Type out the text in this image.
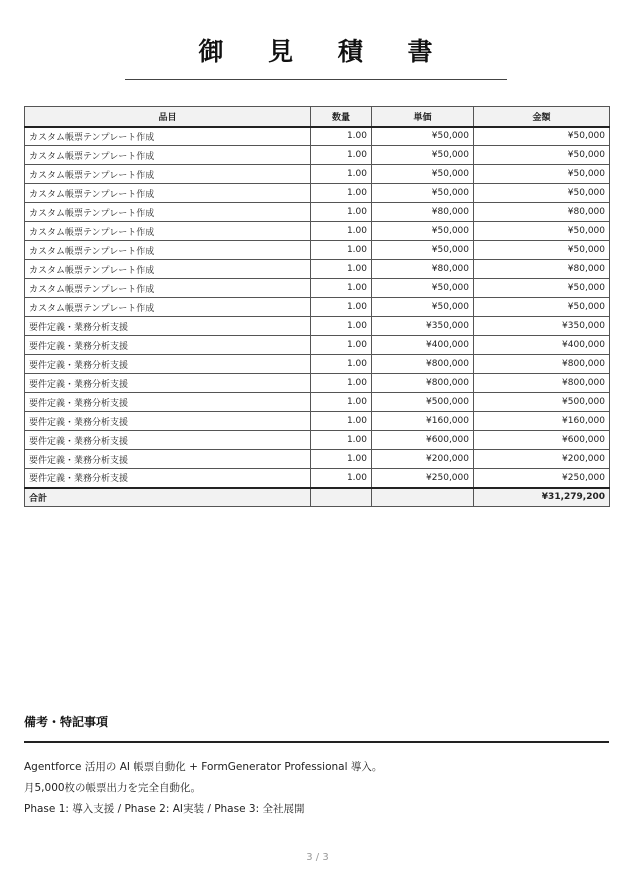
御 見 積 書
品目	数量	単価	金額
カスタム帳票テンプレート作成	1.00	¥50,000	¥50,000
カスタム帳票テンプレート作成	1.00	¥50,000	¥50,000
カスタム帳票テンプレート作成	1.00	¥50,000	¥50,000
カスタム帳票テンプレート作成	1.00	¥50,000	¥50,000
カスタム帳票テンプレート作成	1.00	¥80,000	¥80,000
カスタム帳票テンプレート作成	1.00	¥50,000	¥50,000
カスタム帳票テンプレート作成	1.00	¥50,000	¥50,000
カスタム帳票テンプレート作成	1.00	¥80,000	¥80,000
カスタム帳票テンプレート作成	1.00	¥50,000	¥50,000
カスタム帳票テンプレート作成	1.00	¥50,000	¥50,000
要件定義・業務分析支援	1.00	¥350,000	¥350,000
要件定義・業務分析支援	1.00	¥400,000	¥400,000
要件定義・業務分析支援	1.00	¥800,000	¥800,000
要件定義・業務分析支援	1.00	¥800,000	¥800,000
要件定義・業務分析支援	1.00	¥500,000	¥500,000
要件定義・業務分析支援	1.00	¥160,000	¥160,000
要件定義・業務分析支援	1.00	¥600,000	¥600,000
要件定義・業務分析支援	1.00	¥200,000	¥200,000
要件定義・業務分析支援	1.00	¥250,000	¥250,000
合計			¥31,279,200
備考・特記事項
Agentforce 活用の AI 帳票自動化 + FormGenerator Professional 導入。
月5,000枚の帳票出力を完全自動化。
Phase 1: 導入支援 / Phase 2: AI実装 / Phase 3: 全社展開
3 / 3
